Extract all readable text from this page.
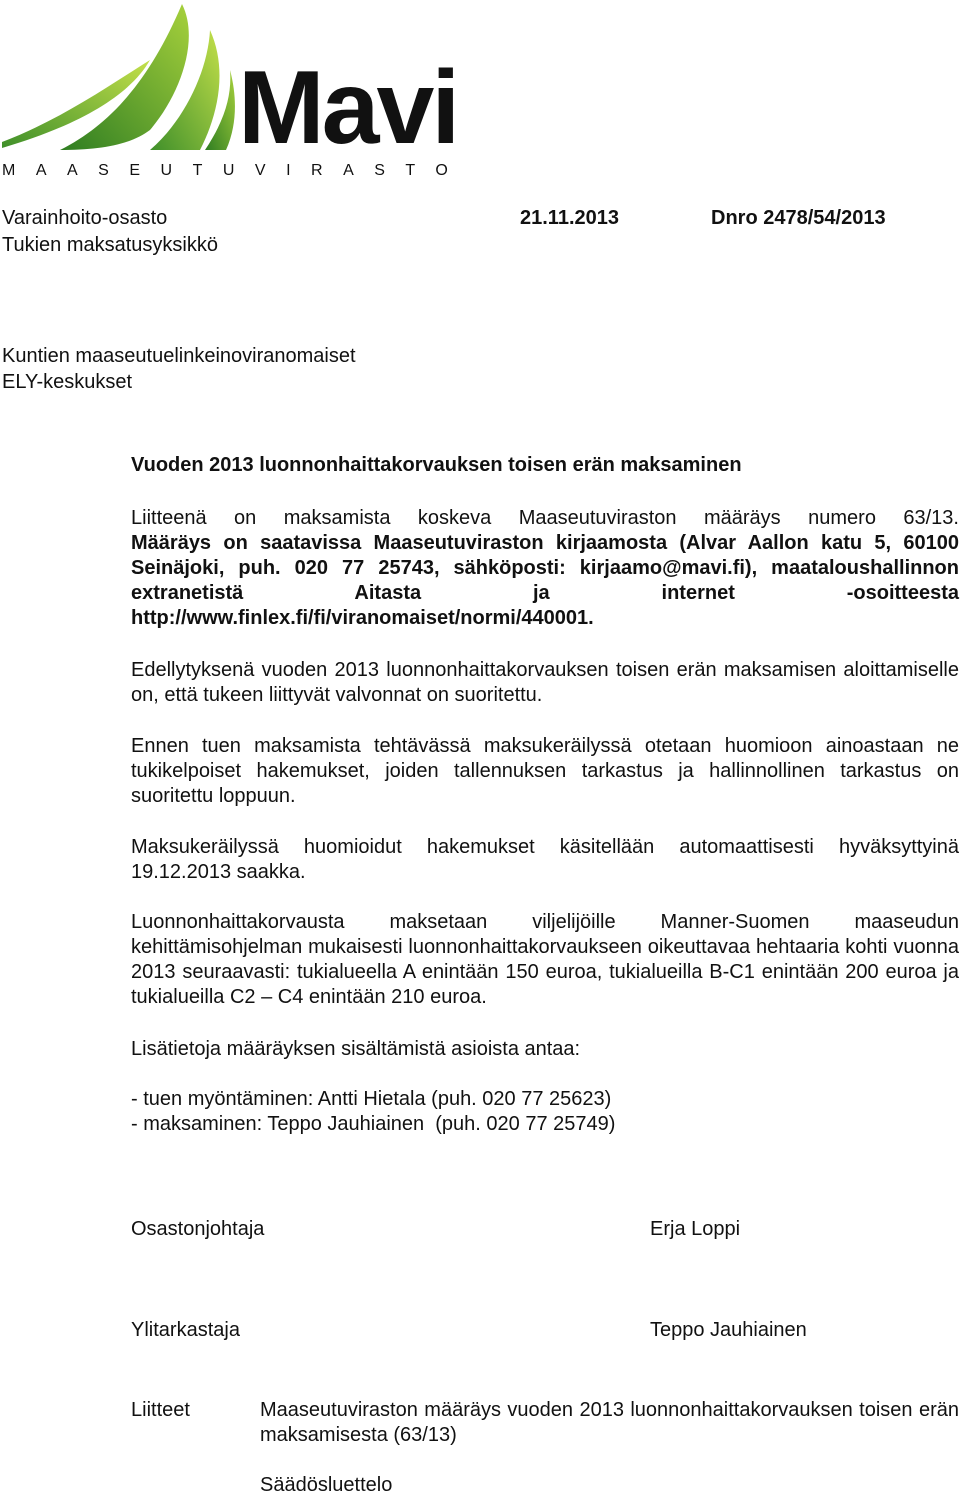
Mavi
MAASEUTUVIRASTO
Varainhoito-osasto	21.11.2013	Dnro 2478/54/2013
Tukien maksatusyksikkö
Kuntien maaseutuelinkeinoviranomaiset
ELY-keskukset
Vuoden 2013 luonnonhaittakorvauksen toisen erän maksaminen
Liitteenä on maksamista koskeva Maaseutuviraston määräys numero 63/13.
Määräys on saatavissa Maaseutuviraston kirjaamosta (Alvar Aallon katu 5, 60100 Seinäjoki, puh. 020 77 25743, sähköposti: kirjaamo@mavi.fi), maataloushallinnon extranetistä Aitasta ja internet -osoitteesta http://www.finlex.fi/fi/viranomaiset/normi/440001.
Edellytyksenä vuoden 2013 luonnonhaittakorvauksen toisen erän maksamisen aloittamiselle on, että tukeen liittyvät valvonnat on suoritettu.
Ennen tuen maksamista tehtävässä maksukeräilyssä otetaan huomioon ainoastaan ne tukikelpoiset hakemukset, joiden tallennuksen tarkastus ja hallinnollinen tarkastus on suoritettu loppuun.
Maksukeräilyssä huomioidut hakemukset käsitellään automaattisesti hyväksyttyinä 19.12.2013 saakka.
Luonnonhaittakorvausta maksetaan viljelijöille Manner-Suomen maaseudun kehittämisohjelman mukaisesti luonnonhaittakorvaukseen oikeuttavaa hehtaaria kohti vuonna 2013 seuraavasti: tukialueella A enintään 150 euroa, tukialueilla B-C1 enintään 200 euroa ja tukialueilla C2 – C4 enintään 210 euroa.
Lisätietoja määräyksen sisältämistä asioista antaa:
- tuen myöntäminen: Antti Hietala (puh. 020 77 25623)
- maksaminen: Teppo Jauhiainen  (puh. 020 77 25749)
Osastonjohtaja	Erja Loppi
Ylitarkastaja	Teppo Jauhiainen
Liitteet	Maaseutuviraston määräys vuoden 2013 luonnonhaittakorvauksen toisen erän maksamisesta (63/13)
Säädösluettelo
